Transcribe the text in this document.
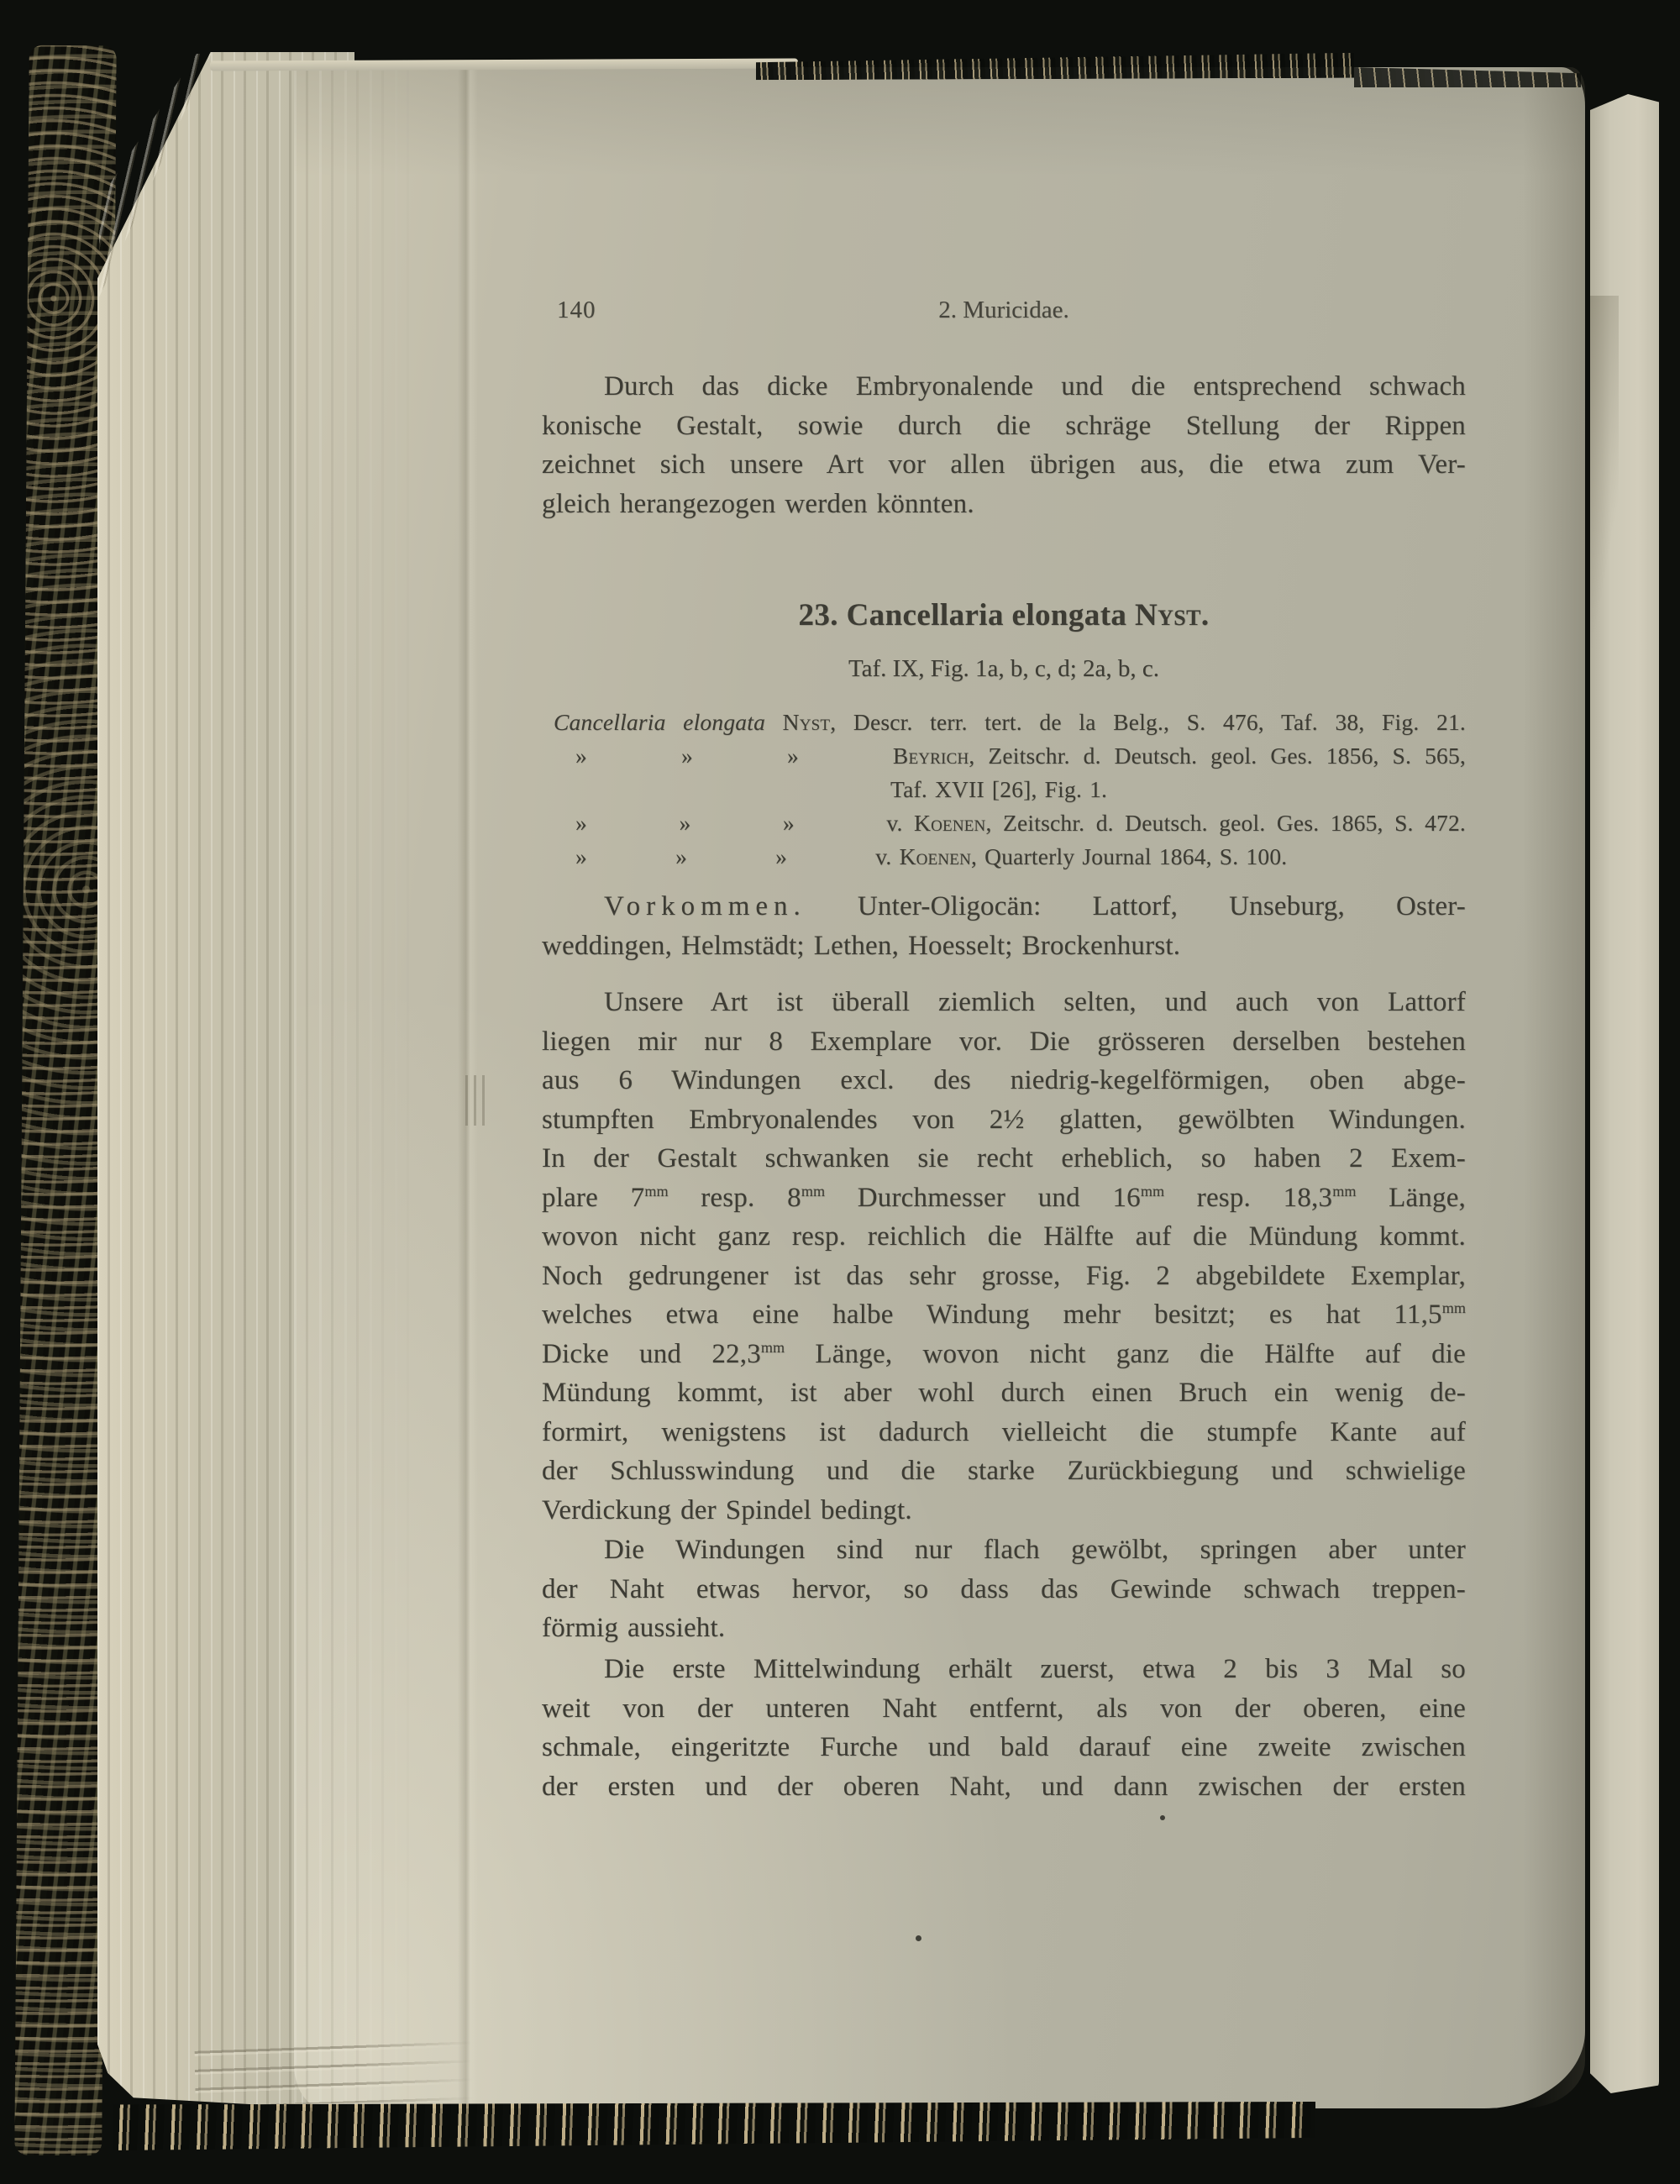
140	2. Muricidae.
Durch das dicke Embryonalende und die entsprechend schwach
konische Gestalt, sowie durch die schräge Stellung der Rippen
zeichnet sich unsere Art vor allen übrigen aus, die etwa zum Ver-
gleich herangezogen werden könnten.
23. Cancellaria elongata Nyst.
Taf. IX, Fig. 1a, b, c, d; 2a, b, c.
Cancellaria elongata Nyst, Descr. terr. tert. de la Belg., S. 476, Taf. 38, Fig. 21.
»	»	»	Beyrich, Zeitschr. d. Deutsch. geol. Ges. 1856, S. 565,
Taf. XVII [26], Fig. 1.
»	»	»	v. Koenen, Zeitschr. d. Deutsch. geol. Ges. 1865, S. 472.
»	»	»	v. Koenen, Quarterly Journal 1864, S. 100.
Vorkommen. Unter-Oligocän: Lattorf, Unseburg, Oster-
weddingen, Helmstädt; Lethen, Hoesselt; Brockenhurst.
Unsere Art ist überall ziemlich selten, und auch von Lattorf
liegen mir nur 8 Exemplare vor. Die grösseren derselben bestehen
aus 6 Windungen excl. des niedrig-kegelförmigen, oben abge-
stumpften Embryonalendes von 2½ glatten, gewölbten Windungen.
In der Gestalt schwanken sie recht erheblich, so haben 2 Exem-
plare $7^{mm}$ resp. $8^{mm}$ Durchmesser und $16^{mm}$ resp. $18,3^{mm}$ Länge,
wovon nicht ganz resp. reichlich die Hälfte auf die Mündung kommt.
Noch gedrungener ist das sehr grosse, Fig. 2 abgebildete Exemplar,
welches etwa eine halbe Windung mehr besitzt; es hat $11,5^{mm}$
Dicke und $22,3^{mm}$ Länge, wovon nicht ganz die Hälfte auf die
Mündung kommt, ist aber wohl durch einen Bruch ein wenig de-
formirt, wenigstens ist dadurch vielleicht die stumpfe Kante auf
der Schlusswindung und die starke Zurückbiegung und schwielige
Verdickung der Spindel bedingt.
Die Windungen sind nur flach gewölbt, springen aber unter
der Naht etwas hervor, so dass das Gewinde schwach treppen-
förmig aussieht.
Die erste Mittelwindung erhält zuerst, etwa 2 bis 3 Mal so
weit von der unteren Naht entfernt, als von der oberen, eine
schmale, eingeritzte Furche und bald darauf eine zweite zwischen
der ersten und der oberen Naht, und dann zwischen der ersten
